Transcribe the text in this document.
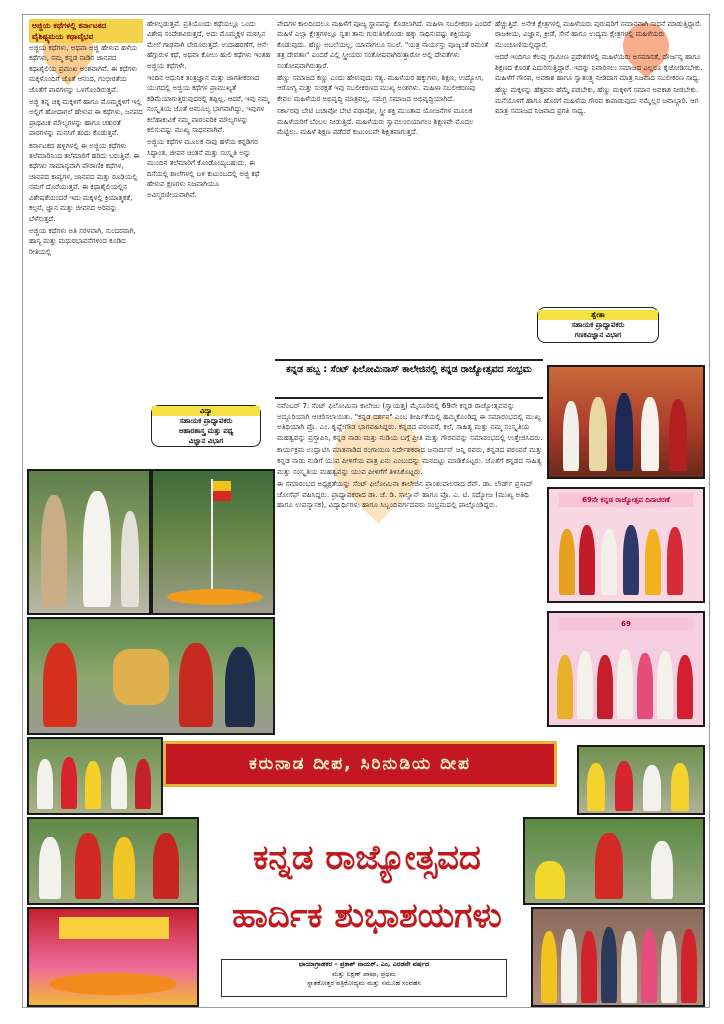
ಅಜ್ಜಿಯ ಕಥೆಗಳಲ್ಲಿ ಕರ್ನಾಟಕದ ವೈಶಿಷ್ಟ್ಯಮಯ ಕಥಾವೈಭವ

ಅಜ್ಜಿಯ ಕಥೆಗಳು, ಅಥವಾ ಅಜ್ಜಿ ಹೇಳುವ ಹಳೆಯ ಕಥೆಗಳು, ನಮ್ಮ ಕನ್ನಡ ನಾಡಿನ ಜಾನಪದ ಕಥಾಶೈಲಿಯ ಪ್ರಮುಖ ಅಂಶವಾಗಿವೆ. ಈ ಕಥೆಗಳು ಮಕ್ಕಳೊಂದಿಗೆ ಜೊತೆ ಆನಂದ, ಗಂಭೀರತೆಯ ಜೊತೆಗೆ ಪಾಠಗಳನ್ನು ಒಳಗೊಂಡಿರುತ್ತವೆ.

ಅಜ್ಜಿ ತನ್ನ ಚಿಕ್ಕ ಮಕ್ಕಳಿಗೆ ಹಾಗೂ ಮೊಮ್ಮಕ್ಕಳಿಗೆ ಇಲ್ಲಿ ಅಲ್ಲಿಗೆ ಹೋದಾಗಲೆ ಹೇಳುವ ಈ ಕಥೆಗಳು, ಜನಪದ ಪ್ರಾಥಮಿಕ ಮೌಲ್ಯಗಳನ್ನು ಹಾಗೂ ಚತುರತೆ ಪಾಠಗಳನ್ನು ಮನಸಿಗೆ ತಂದು ಕೊಡುತ್ತವೆ.

ಕರ್ನಾಟಕದ ಹಳ್ಳಿಗಳಲ್ಲಿ ಈ ಅಜ್ಜಿಯ ಕಥೆಗಳು ತಲೆಮಾರಿನಿಂದ ತಲೆಮಾರಿಗೆ ಹರಿದು ಬರುತ್ತಿವೆ. ಈ ಕಥೆಗಳು ಸಾಮಾನ್ಯವಾಗಿ ಪೌರಾಣಿಕ ಕಥೆಗಳ, ಜಾನಪದ ಕಾವ್ಯಗಳ, ಜಾನಪದ ಮತ್ತು ರೂಢಿಯಲ್ಲಿ ನಮಗೆ ದೊರೆಯುತ್ತವೆ. ಈ ಕಥಾಶೈಲಿಯಲ್ಲಿನ ವಿಶೇಷತೆಯಂದರೆ ಇದು ಮಕ್ಕಳಲ್ಲಿ ಕ್ರಿಯಾತ್ಮಕತೆ, ಕಲ್ಪನೆ, ಜ್ಞಾನ ಮತ್ತು ಜೀವನದ ಅರಿವನ್ನು ಬೆಳೆಸುತ್ತದೆ.

ಅಜ್ಜಿಯ ಕಥೆಗಳು ಅತಿ ಸರಳವಾಗಿ, ಸುಂದರವಾಗಿ, ಹಾಸ್ಯ ಮತ್ತು ಮಧುರಭಾವನೆಗಳಿಂದ ಕೂಡಿದ ರೀತಿಯಲ್ಲಿ

ಹೇಳಲ್ಪಡುತ್ತವೆ. ಪ್ರತಿಯೊಂದು ಕಥೆಯಲ್ಲೂ ಒಂದು ವಿಶೇಷ ಸಂದೇಶವಿರುತ್ತದೆ, ಅದು ಮೊಮ್ಮಕ್ಕಳ ಮನಸ್ಸಿನ ಮೇಲೆ ಗಾಢವಾಗಿ ಬೇರೂರುತ್ತದೆ. ಉದಾಹರಣೆಗೆ, ಆನೆ-ಹೆಗ್ಗುರುಳ ಕಥೆ, ಅಥವಾ ಕೋಲು ಹುಲಿ ಕಥೆಗಳು ಇಂತಹ ಅಜ್ಜಿಯ ಕಥೆಗಳೇ.

ಇಂದಿನ ಆಧುನಿಕ ತಂತ್ರಜ್ಞಾನ ಮತ್ತು ಜಾಗತೀಕರಣದ ಯುಗದಲ್ಲಿ ಅಜ್ಜಿಯ ಕಥೆಗಳ ಪ್ರಾಮುಖ್ಯತೆ ಕಡಿಮೆಯಾಗುತ್ತಿರುವುದರಲ್ಲಿ ತಪ್ಪಿಲ್ಲ. ಆದರೆ, ಇವು ನಮ್ಮ ಸಂಸ್ಕೃತಿಯ ಜೊತೆ ಅಮೂಲ್ಯ ಭಾಗವಾಗಿದ್ದು, ಇವುಗಳ ಕಲೆಹಾಕುವಿಕೆ ನಮ್ಮ ಪಾರಂಪರಿಕ ಮೌಲ್ಯಗಳನ್ನು ಕಲಿಸುವಷ್ಟು ಮುಖ್ಯ ಸಾಧನವಾಗಿವೆ.

ಅಜ್ಜಿಯ ಕಥೆಗಳ ಮೂಲಕ ನಾವು ಹಳೆಯ ಕನ್ನಡಿಗರ ಸಿದ್ಧಾಂತ, ಜೀವನ ಚಿಂತನೆ ಮತ್ತು ಸಂಸ್ಕೃತಿ ಅನ್ನು ಮುಂದಿನ ತಲೆಮಾರಿಗೆ ಕೊಂಡೊಯ್ಯಬಹುದು. ಈ ದಿಸೆಯಲ್ಲಿ ಶಾಲೆಗಳಲ್ಲಿ ಬಳಿ ಕುಟುಂಬದಲ್ಲಿ ಅಜ್ಜಿ ಕಥೆ ಹೇಳುವ ಕ್ಷಣಗಳು ನಿಜವಾಗಿಯೂ ಅವಿಸ್ಮರಣೀಯವಾಗಿವೆ.

ವಿದ್ಯಾ
ಸಹಾಯಕ ಪ್ರಾಧ್ಯಾಪಕರು
ಆಹಾರಶಾಸ್ತ್ರ ಮತ್ತು ಪಥ್ಯ
ವಿಜ್ಞಾನ ವಿಭಾಗ

ವೇದಗಳ ಕಾಲದಿಂದಲೂ ಮಹಿಳೆಗೆ ಪೂಜ್ಯ ಸ್ಥಾನವನ್ನು ಕೊಡಲಾಗಿದೆ. ಮಹಿಳಾ ಸಬಲೀಕರಣ ಎಂದರೆ ಮಹಿಳೆ ಎಲ್ಲಾ ಕ್ಷೇತ್ರಗಳಲ್ಲೂ ಸ್ವತಃ ತಾನು ಗುರುತಿಸಿಕೊಂಡು ಹಕ್ಕು ಸಾಧಿಸುವಷ್ಟು ಶಕ್ತಿಯನ್ನು ಕೊಡುವುದು. ಹೆಣ್ಣು ಅಬಲೆಯಲ್ಲ, ಯಾವಾಗಲೂ ಸಬಲೆ. "ಯತ್ರ ನಾರ್ಯಸ್ತು ಪೂಜ್ಯಂತೆ ರಮಂತೆ ತತ್ರ ದೇವತಾಃ" ಎಂದರೆ ಎಲ್ಲಿ ಸ್ತ್ರೀಯರು ಸಂತೋಷವಾಗಿರುತ್ತಾರೋ ಅಲ್ಲಿ ದೇವತೆಗಳು ಸಂತೋಷವಾಗಿರುತ್ತಾರೆ.

ಹೆಣ್ಣು ಸಮಾಜದ ಕಣ್ಣು ಎಂದು ಹೇಳುವುದು ಸತ್ಯ. ಮಹಿಳೆಯರ ಹಕ್ಕುಗಳು, ಶಿಕ್ಷಣ, ಉದ್ಯೋಗ, ಆರೋಗ್ಯ ಮತ್ತು ಸುರಕ್ಷತೆ ಇವು ಸಬಲೀಕರಣದ ಮುಖ್ಯ ಅಂಶಗಳು. ಮಹಿಳಾ ಸಬಲೀಕರಣವು ಕೇವಲ ಮಹಿಳೆಯರ ಅಭಿವೃದ್ಧಿ ಮಾತ್ರವಲ್ಲ, ಸಮಗ್ರ ಸಮಾಜದ ಅಭಿವೃದ್ಧಿಯಾಗಿದೆ.

ಸರ್ಕಾರವು ಬೇಟಿ ಬಚಾವೋ ಬೇಟಿ ಪಢಾವೋ, ಸ್ತ್ರೀ ಶಕ್ತಿ ಮುಂತಾದ ಯೋಜನೆಗಳ ಮೂಲಕ ಮಹಿಳೆಯರಿಗೆ ಬೆಂಬಲ ನೀಡುತ್ತಿದೆ. ಮಹಿಳೆಯರು ಸ್ವಾವಲಂಬಿಯಾಗಲು ಶಿಕ್ಷಣವೇ ಮೊದಲ ಮೆಟ್ಟಿಲು. ಮಹಿಳೆ ಶಿಕ್ಷಣ ಪಡೆದರೆ ಕುಟುಂಬವೇ ಶಿಕ್ಷಿತವಾಗುತ್ತದೆ.

ಹೆಚ್ಚುತ್ತಿದೆ. ಅನೇಕ ಕ್ಷೇತ್ರಗಳಲ್ಲಿ ಮಹಿಳೆಯರು ಪುರುಷರಿಗೆ ಸಮಾನವಾಗಿ ಸಾಧನೆ ಮಾಡುತ್ತಿದ್ದಾರೆ. ರಾಜಕೀಯ, ವಿಜ್ಞಾನ, ಕ್ರೀಡೆ, ಸೇನೆ ಹಾಗೂ ಉದ್ಯಮ ಕ್ಷೇತ್ರಗಳಲ್ಲಿ ಮಹಿಳೆಯರು ಮುಂಚೂಣಿಯಲ್ಲಿದ್ದಾರೆ.

ಆದರೆ ಇಂದಿಗೂ ಕೆಲವು ಗ್ರಾಮೀಣ ಪ್ರದೇಶಗಳಲ್ಲಿ ಮಹಿಳೆಯರು ಅಸಮಾನತೆ, ದೌರ್ಜನ್ಯ ಹಾಗೂ ಶಿಕ್ಷಣದ ಕೊರತೆ ಎದುರಿಸುತ್ತಿದ್ದಾರೆ. ಇದನ್ನು ನಿವಾರಿಸಲು ಸಮಾಜದ ಎಲ್ಲರೂ ಕೈಜೋಡಿಸಬೇಕು. ಮಹಿಳೆಗೆ ಗೌರವ, ಅವಕಾಶ ಹಾಗೂ ಸ್ವಾತಂತ್ರ್ಯ ನೀಡಿದಾಗ ಮಾತ್ರ ನಿಜವಾದ ಸಬಲೀಕರಣ ಸಾಧ್ಯ.

ಹೆಣ್ಣು ಮಕ್ಕಳನ್ನು ಹೆತ್ತವರು ಹೆಮ್ಮೆ ಪಡಬೇಕು, ಹೆಣ್ಣು ಮಕ್ಕಳಿಗೆ ಸಮಾನ ಅವಕಾಶ ನೀಡಬೇಕು. ಮನೆಯೊಳಗೆ ಹಾಗೂ ಹೊರಗೆ ಮಹಿಳೆಯ ಗೌರವ ಕಾಪಾಡುವುದು ನಮ್ಮೆಲ್ಲರ ಜವಾಬ್ದಾರಿ. ಆಗ ಮಾತ್ರ ಸಮಾಜದ ನಿಜವಾದ ಪ್ರಗತಿ ಸಾಧ್ಯ.

ಶ್ವೇತಾ
ಸಹಾಯಕ ಪ್ರಾಧ್ಯಾಪಕರು
ಗಣಕವಿಜ್ಞಾನ ವಿಭಾಗ
ಕನ್ನಡ ಹಬ್ಬ : ಸೆಂಟ್ ಫಿಲೋಮಿನಾಸ್ ಕಾಲೇಜಿನಲ್ಲಿ ಕನ್ನಡ ರಾಜ್ಯೋತ್ಸವದ ಸಂಭ್ರಮ

ನವೆಂಬರ್ 7: ಸೆಂಟ್ ಫಿಲೋಮಿನಾ ಕಾಲೇಜು (ಸ್ವಾಯತ್ತ) ಮೈಸೂರಿನಲ್ಲಿ 69ನೇ ಕನ್ನಡ ರಾಜ್ಯೋತ್ಸವವನ್ನು ಅದ್ದೂರಿಯಾಗಿ ಆಚರಿಸಲಾಯಿತು. "ಕನ್ನಡ ದರ್ಶನ" ಎಂಬ ಶೀರ್ಷಿಕೆಯಲ್ಲಿ ಹಮ್ಮಿಕೊಂಡಿದ್ದ ಈ ಸಮಾರಂಭದಲ್ಲಿ ಮುಖ್ಯ ಅತಿಥಿಯಾಗಿ ಪ್ರೊ. ಎಂ. ಕೃಷ್ಣೇಗೌಡ ಭಾಗವಹಿಸಿದ್ದರು. ಕನ್ನಡದ ಪರಂಪರೆ, ಕಲೆ, ಸಾಹಿತ್ಯ ಮತ್ತು ನಮ್ಮ ಸಂಸ್ಕೃತಿಯ ಮಹತ್ವವನ್ನು ಪ್ರಸ್ತಾಪಿಸಿ, ಕನ್ನಡ ನಾಡು ಮತ್ತು ನುಡಿಯ ಬಗ್ಗೆ ಪ್ರೀತಿ ಮತ್ತು ಗೌರವವನ್ನು ಸಮಾರಂಭದಲ್ಲಿ ಉತ್ತೇಜಿಸಿದರು.

ಕಾರ್ಯಕ್ರಮ ಉದ್ಘಾಟಿಸಿ ಮಾತನಾಡಿದ ರಂಗಾಯಣ ನಿರ್ದೇಶಕರಾದ ಜನಾರ್ದನ್ ಜನ್ನಿ ರವರು, ಕನ್ನಡದ ಪರಂಪರೆ ಮತ್ತು ಕನ್ನಡ ನಾಡು ನುಡಿಗೆ ಯುವ ಪೀಳಿಗೆಯ ಪಾತ್ರ ಏನು ಎಂಬುದನ್ನು ಮನದಟ್ಟು ಮಾಡಿಕೊಟ್ಟರು. ಜೊತೆಗೆ ಕನ್ನಡದ ಸಾಹಿತ್ಯ ಮತ್ತು ಸಂಸ್ಕೃತಿಯ ಮಹತ್ವವನ್ನು ಯುವ ಪೀಳಿಗೆಗೆ ತಿಳಿಸಿಕೊಟ್ಟರು.

ಈ ಸಮಾರಂಭದ ಅಧ್ಯಕ್ಷತೆಯನ್ನು ಸೆಂಟ್ ಫಿಲೋಮಿನಾ ಕಾಲೇಜಿನ ಪ್ರಾಂಶುಪಾಲರಾದ ರೆವ್. ಡಾ. ಲೌರ್ಡ್ ಪ್ರಸಾದ್ ಜೋಸೆಫ್ ವಹಿಸಿದ್ದರು. ಪ್ರಾಧ್ಯಾಪಕರಾದ ಡಾ. ಜೆ. ಡಿ. ಸಾಲ್ವಾನ್ ಹಾಗೂ ಪ್ರೊ. ಎ. ಟಿ. ಸದ್ಯೋಜ (ಮುಖ್ಯ ಅತಿಥಿ ಹಾಗೂ ಉಪನ್ಯಾಸಕ), ವಿದ್ಯಾರ್ಥಿಗಳು ಹಾಗೂ ಸಿಬ್ಬಂದಿವರ್ಗದವರು ಸಂಭ್ರಮದಲ್ಲಿ ಪಾಲ್ಗೊಂಡಿದ್ದರು.

69ನೇ ಕನ್ನಡ ರಾಜ್ಯೋತ್ಸವ ದಿನಾಚರಣೆ
69
ಕರುನಾಡ ದೀಪ, ಸಿರಿನುಡಿಯ ದೀಪ
ಕನ್ನಡ ರಾಜ್ಯೋತ್ಸವದ
ಹಾರ್ದಿಕ ಶುಭಾಶಯಗಳು
ಛಾಯಾಗ್ರಾಹಕರ – ಪ್ರಕಾಶ್ ನಾಯಕ್. ಎಂ, ಎರಡನೇ ವರ್ಷದ
ಮತ್ತು ಲಕ್ಷಣ್ ಪಾಷಾ, ಪ್ರಥಮ
ಸ್ನಾತಕೋತ್ತರ ಪತ್ರಿಕೋದ್ಯಮ ಮತ್ತು ಸಮೂಹ ಸಂವಹನ
